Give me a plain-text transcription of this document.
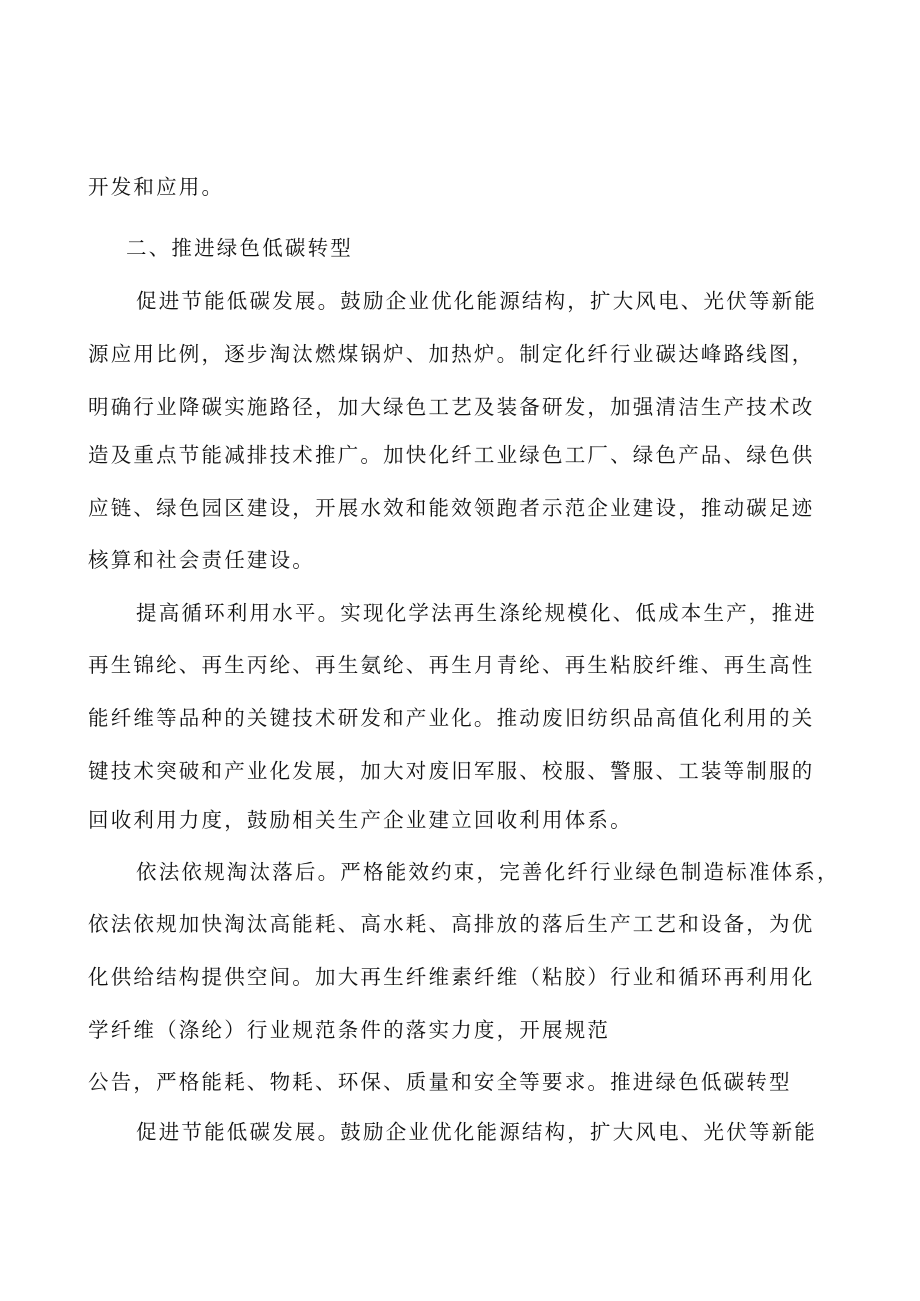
开发和应用。
二、推进绿色低碳转型
促进节能低碳发展。鼓励企业优化能源结构，扩大风电、光伏等新能
源应用比例，逐步淘汰燃煤锅炉、加热炉。制定化纤行业碳达峰路线图，
明确行业降碳实施路径，加大绿色工艺及装备研发，加强清洁生产技术改
造及重点节能减排技术推广。加快化纤工业绿色工厂、绿色产品、绿色供
应链、绿色园区建设，开展水效和能效领跑者示范企业建设，推动碳足迹
核算和社会责任建设。
提高循环利用水平。实现化学法再生涤纶规模化、低成本生产，推进
再生锦纶、再生丙纶、再生氨纶、再生月青纶、再生粘胶纤维、再生高性
能纤维等品种的关键技术研发和产业化。推动废旧纺织品高值化利用的关
键技术突破和产业化发展，加大对废旧军服、校服、警服、工装等制服的
回收利用力度，鼓励相关生产企业建立回收利用体系。
依法依规淘汰落后。严格能效约束，完善化纤行业绿色制造标准体系，
依法依规加快淘汰高能耗、高水耗、高排放的落后生产工艺和设备，为优
化供给结构提供空间。加大再生纤维素纤维（粘胶）行业和循环再利用化
学纤维（涤纶）行业规范条件的落实力度，开展规范
公告，严格能耗、物耗、环保、质量和安全等要求。推进绿色低碳转型
促进节能低碳发展。鼓励企业优化能源结构，扩大风电、光伏等新能
